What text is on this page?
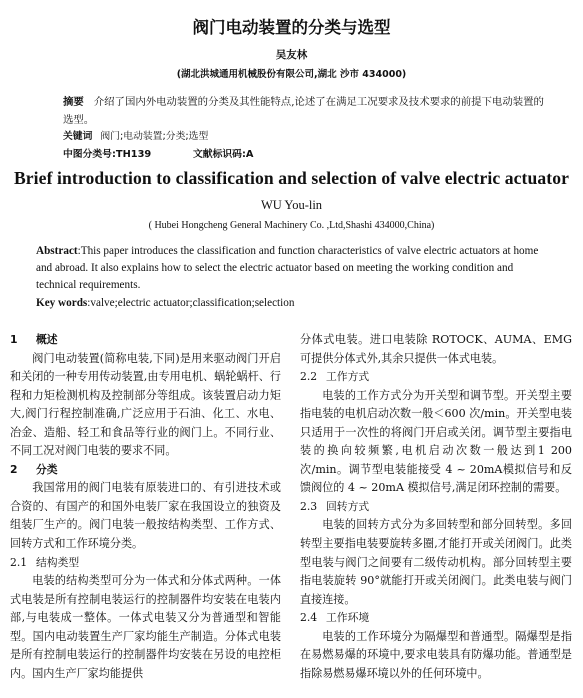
阀门电动装置的分类与选型
吴友林
(湖北洪城通用机械股份有限公司,湖北 沙市 434000)
摘要 介绍了国内外电动装置的分类及其性能特点,论述了在满足工况要求及技术要求的前提下电动装置的选型。
关键词 阀门;电动装置;分类;选型
中图分类号:TH139	文献标识码:A
Brief introduction to classification and selection of valve electric actuator
WU You-lin
( Hubei Hongcheng General Machinery Co. ,Ltd,Shashi 434000,China)
Abstract:This paper introduces the classification and function characteristics of valve electric actuators at home and abroad. It also explains how to select the electric actuator based on meeting the working condition and technical requirements.
Key words:valve;electric actuator;classification;selection

1 概述

阀门电动装置(简称电装,下同)是用来驱动阀门开启和关闭的一种专用传动装置,由专用电机、蜗轮蜗杆、行程和力矩检测机构及控制部分等组成。该装置启动力矩大,阀门行程控制准确,广泛应用于石油、化工、水电、冶金、造船、轻工和食品等行业的阀门上。不同行业、不同工况对阀门电装的要求不同。

2 分类

我国常用的阀门电装有原装进口的、有引进技术或合资的、有国产的和国外电装厂家在我国设立的独资及组装厂生产的。阀门电装一般按结构类型、工作方式、回转方式和工作环境分类。

2.1 结构类型

电装的结构类型可分为一体式和分体式两种。一体式电装是所有控制电装运行的控制器件均安装在电装内部,与电装成一整体。一体式电装又分为普通型和智能型。国内电动装置生产厂家均能生产制造。分体式电装是所有控制电装运行的控制器件均安装在另设的电控柜内。国内生产厂家均能提供

分体式电装。进口电装除 ROTOCK、AUMA、EMG可提供分体式外,其余只提供一体式电装。

2.2 工作方式

电装的工作方式分为开关型和调节型。开关型主要指电装的电机启动次数一般＜600 次/min。开关型电装只适用于一次性的将阀门开启或关闭。调节型主要指电装的换向较频繁,电机启动次数一般达到1 200 次/min。调节型电装能接受 4 ~ 20mA模拟信号和反馈阀位的 4 ~ 20mA 模拟信号,满足闭环控制的需要。

2.3 回转方式

电装的回转方式分为多回转型和部分回转型。多回转型主要指电装要旋转多圈,才能打开或关闭阀门。此类型电装与阀门之间要有二级传动机构。部分回转型主要指电装旋转 90°就能打开或关闭阀门。此类电装与阀门直接连接。

2.4 工作环境

电装的工作环境分为隔爆型和普通型。隔爆型是指在易燃易爆的环境中,要求电装具有防爆功能。普通型是指除易燃易爆环境以外的任何环境中。
